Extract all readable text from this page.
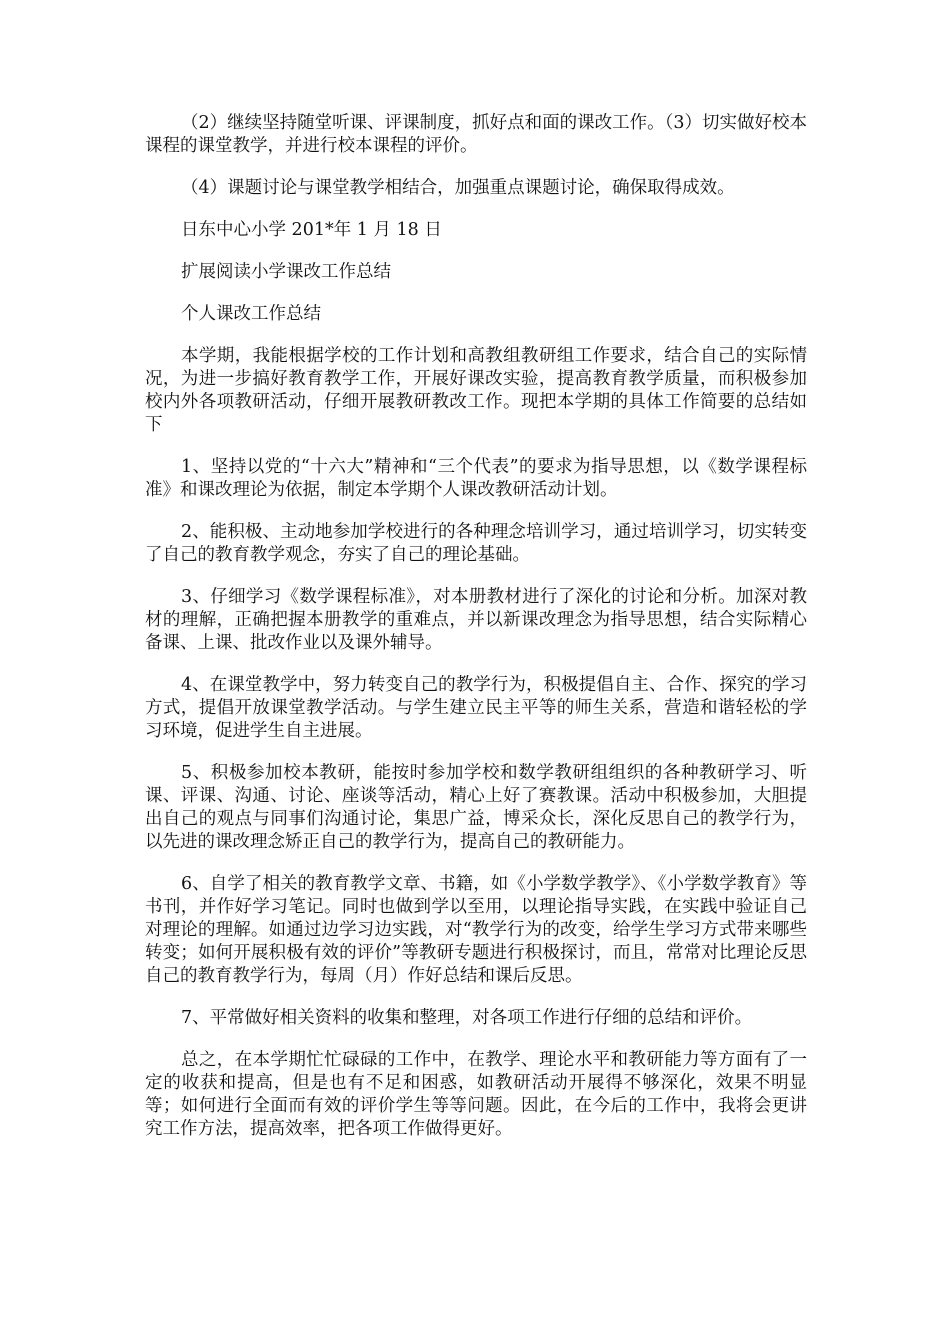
（2）继续坚持随堂听课、评课制度，抓好点和面的课改工作。（3）切实做好校本课程的课堂教学，并进行校本课程的评价。

（4）课题讨论与课堂教学相结合，加强重点课题讨论，确保取得成效。

日东中心小学 201*年 1 月 18 日

扩展阅读小学课改工作总结

个人课改工作总结

本学期，我能根据学校的工作计划和高教组教研组工作要求，结合自己的实际情况，为进一步搞好教育教学工作，开展好课改实验，提高教育教学质量，而积极参加校内外各项教研活动，仔细开展教研教改工作。现把本学期的具体工作简要的总结如下

1、坚持以党的“十六大”精神和“三个代表”的要求为指导思想，以《数学课程标准》和课改理论为依据，制定本学期个人课改教研活动计划。

2、能积极、主动地参加学校进行的各种理念培训学习，通过培训学习，切实转变了自己的教育教学观念，夯实了自己的理论基础。

3、仔细学习《数学课程标准》，对本册教材进行了深化的讨论和分析。加深对教材的理解，正确把握本册教学的重难点，并以新课改理念为指导思想，结合实际精心备课、上课、批改作业以及课外辅导。

4、在课堂教学中，努力转变自己的教学行为，积极提倡自主、合作、探究的学习方式，提倡开放课堂教学活动。与学生建立民主平等的师生关系，营造和谐轻松的学习环境，促进学生自主进展。

5、积极参加校本教研，能按时参加学校和数学教研组组织的各种教研学习、听课、评课、沟通、讨论、座谈等活动，精心上好了赛教课。活动中积极参加，大胆提出自己的观点与同事们沟通讨论，集思广益，博采众长，深化反思自己的教学行为，以先进的课改理念矫正自己的教学行为，提高自己的教研能力。

6、自学了相关的教育教学文章、书籍，如《小学数学教学》、《小学数学教育》等书刊，并作好学习笔记。同时也做到学以至用，以理论指导实践，在实践中验证自己对理论的理解。如通过边学习边实践，对“教学行为的改变，给学生学习方式带来哪些转变；如何开展积极有效的评价”等教研专题进行积极探讨，而且，常常对比理论反思自己的教育教学行为，每周（月）作好总结和课后反思。

7、平常做好相关资料的收集和整理，对各项工作进行仔细的总结和评价。

总之，在本学期忙忙碌碌的工作中，在教学、理论水平和教研能力等方面有了一定的收获和提高，但是也有不足和困惑，如教研活动开展得不够深化，效果不明显等；如何进行全面而有效的评价学生等等问题。因此，在今后的工作中，我将会更讲究工作方法，提高效率，把各项工作做得更好。
